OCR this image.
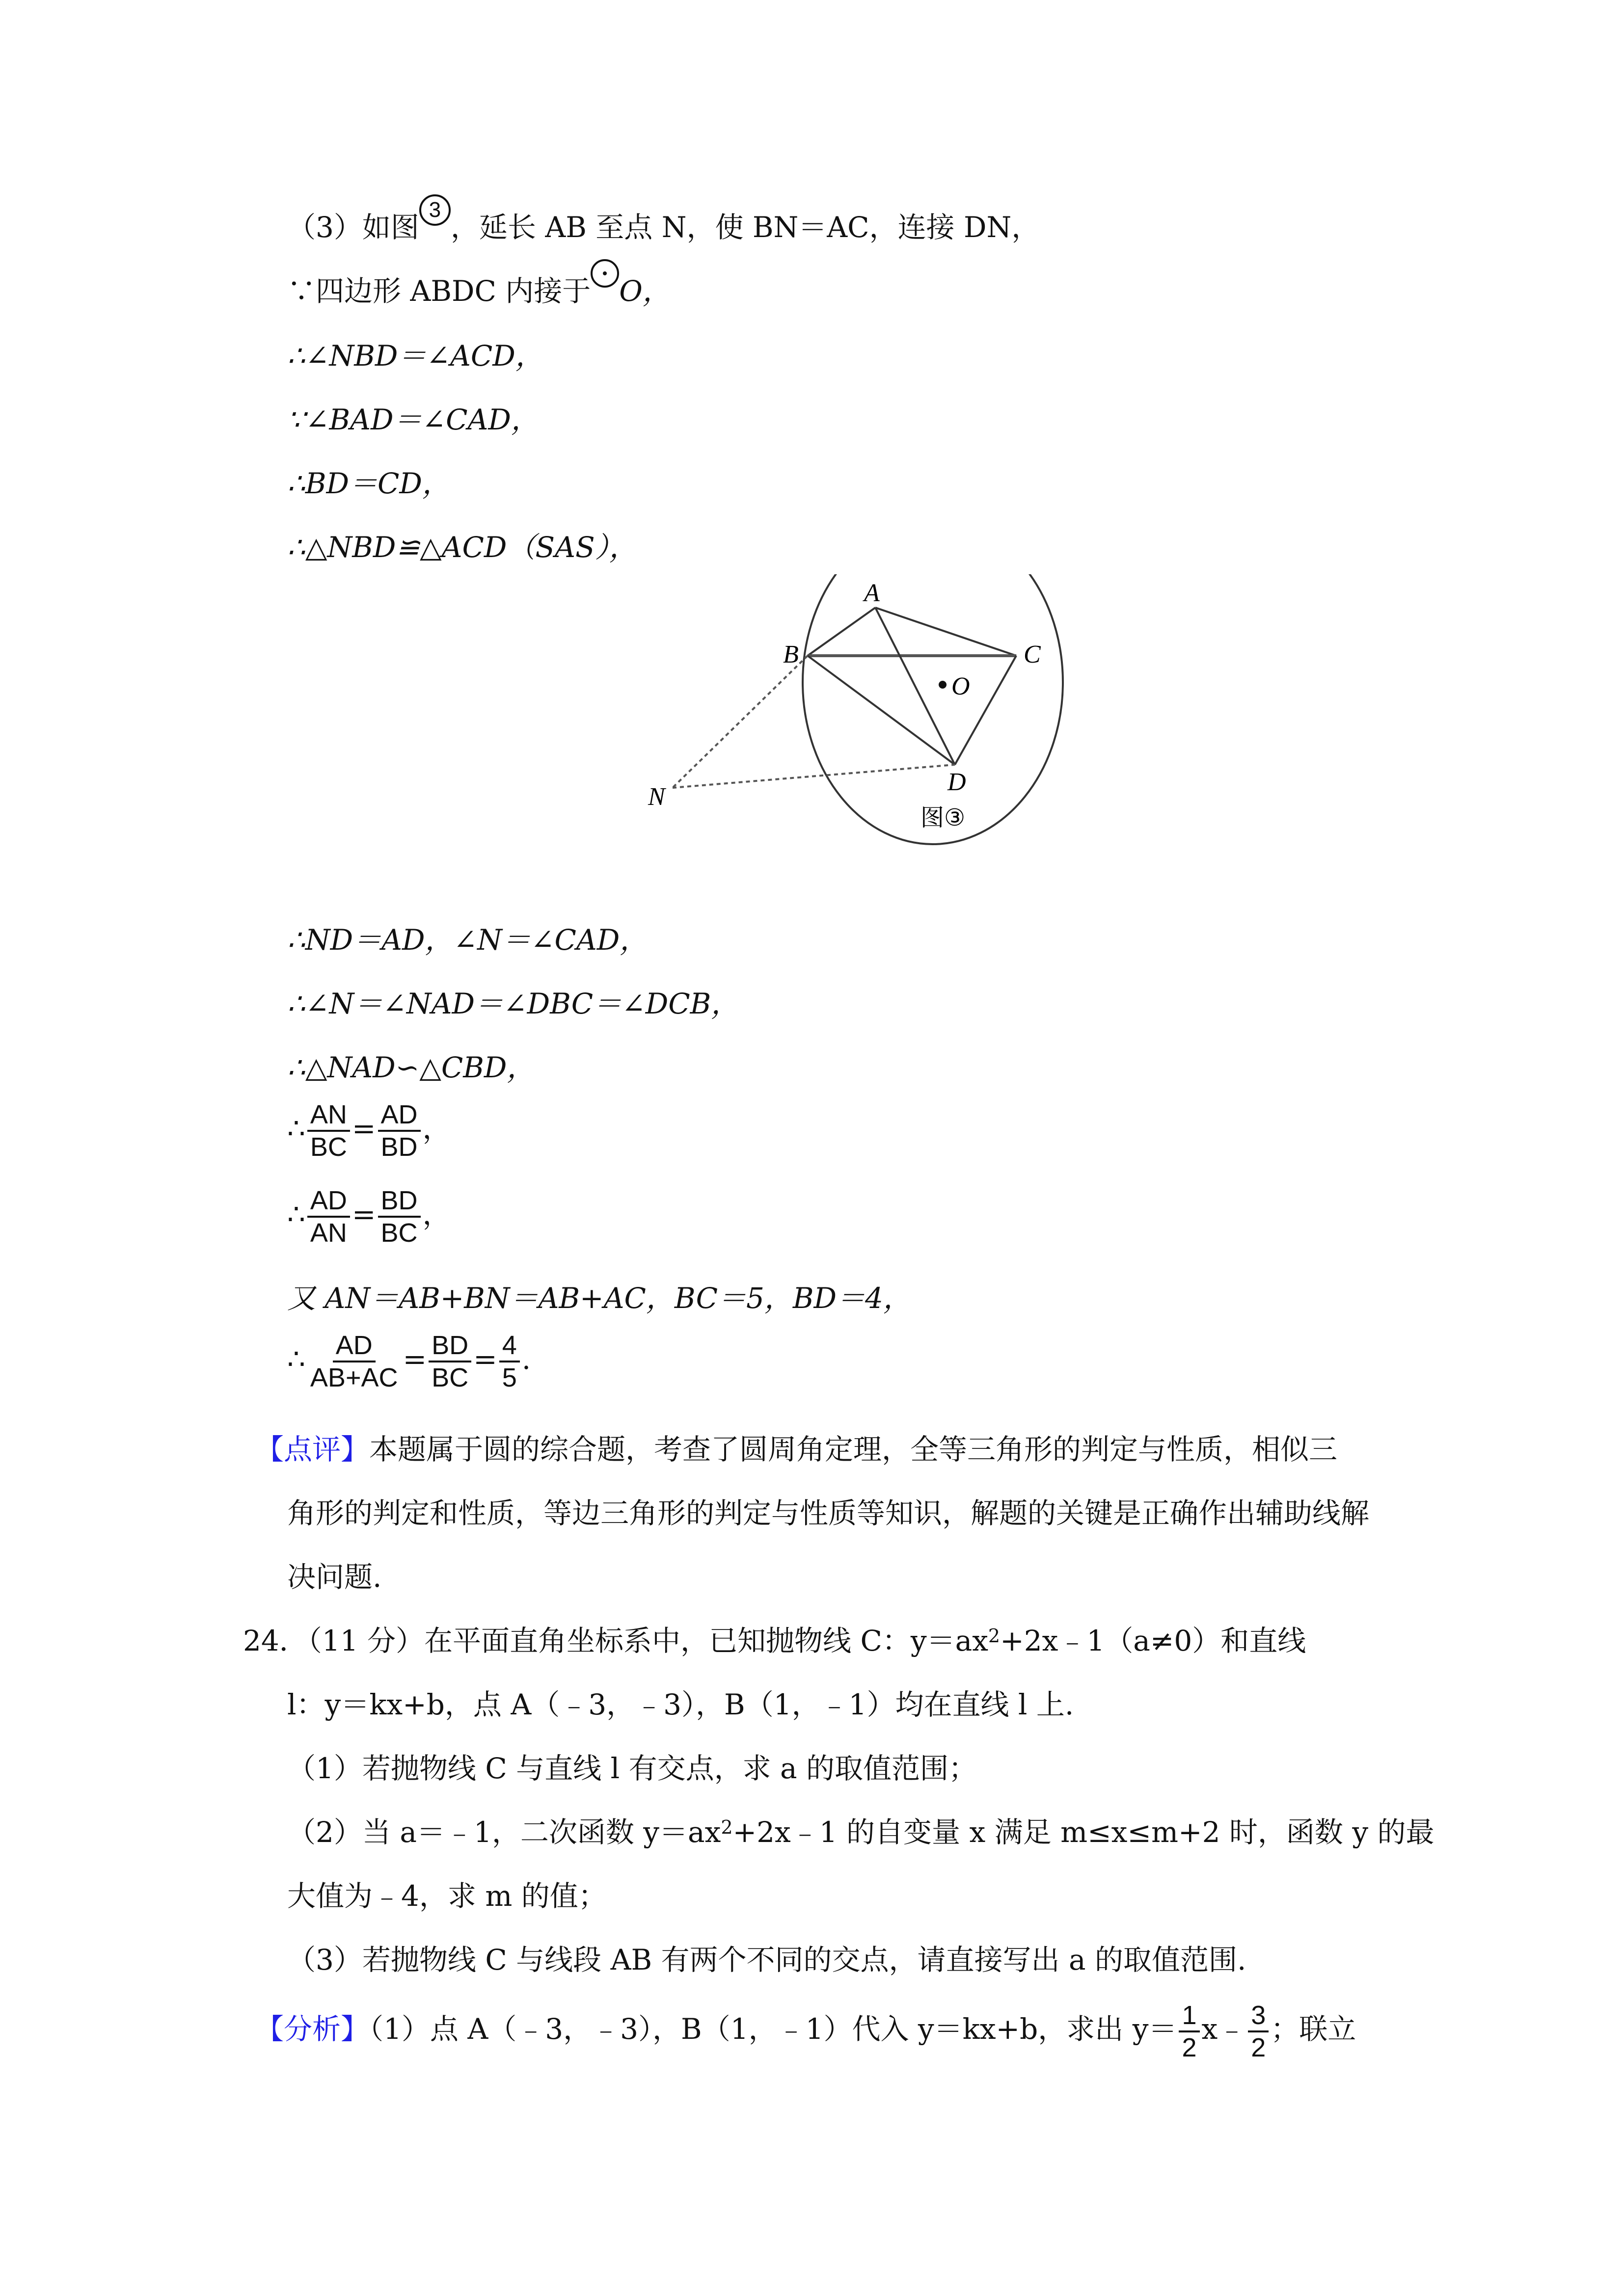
（3）如图3，延长 AB 至点 N，使 BN＝AC，连接 DN，
∵四边形 ABDC 内接于 O，
∴∠NBD＝∠ACD，
∵∠BAD＝∠CAD，
∴BD＝CD，
∴△NBD≌△ACD（SAS），
A
B	C
O
D
N
图③
∴ND＝AD，∠N＝∠CAD，
∴∠N＝∠NAD＝∠DBC＝∠DCB，
∴△NAD∽△CBD，
∴ $\frac{AN}{BC} = \frac{AD}{BD}$ ，
∴ $\frac{AD}{AN} = \frac{BD}{BC}$ ，
又 AN＝AB+BN＝AB+AC，BC＝5，BD＝4，
∴ $\frac{AD}{AB+AC} = \frac{BD}{BC} = \frac{4}{5}$ .
【点评】本题属于圆的综合题，考查了圆周角定理，全等三角形的判定与性质，相似三
角形的判定和性质，等边三角形的判定与性质等知识，解题的关键是正确作出辅助线解
决问题.
24．（11 分）在平面直角坐标系中，已知抛物线 C：$y=ax^2+2x﹣1(a\ne 0)$和直线
l：y＝kx+b，点 A（﹣3，﹣3），B（1，﹣1）均在直线 l 上.
（1）若抛物线 C 与直线 l 有交点，求 a 的取值范围；
（2）当 a＝﹣1，二次函数 $y=ax^2+2x﹣1$ 的自变量 x 满足 m≤x≤m+2 时，函数 y 的最
大值为﹣4，求 m 的值；
（3）若抛物线 C 与线段 AB 有两个不同的交点，请直接写出 a 的取值范围.
【分析】（1）点 A（﹣3，﹣3），B（1，﹣1）代入 y＝kx+b，求出 $y= \frac{1}{2}$ x﹣ $\frac{3}{2}$ ；联立
